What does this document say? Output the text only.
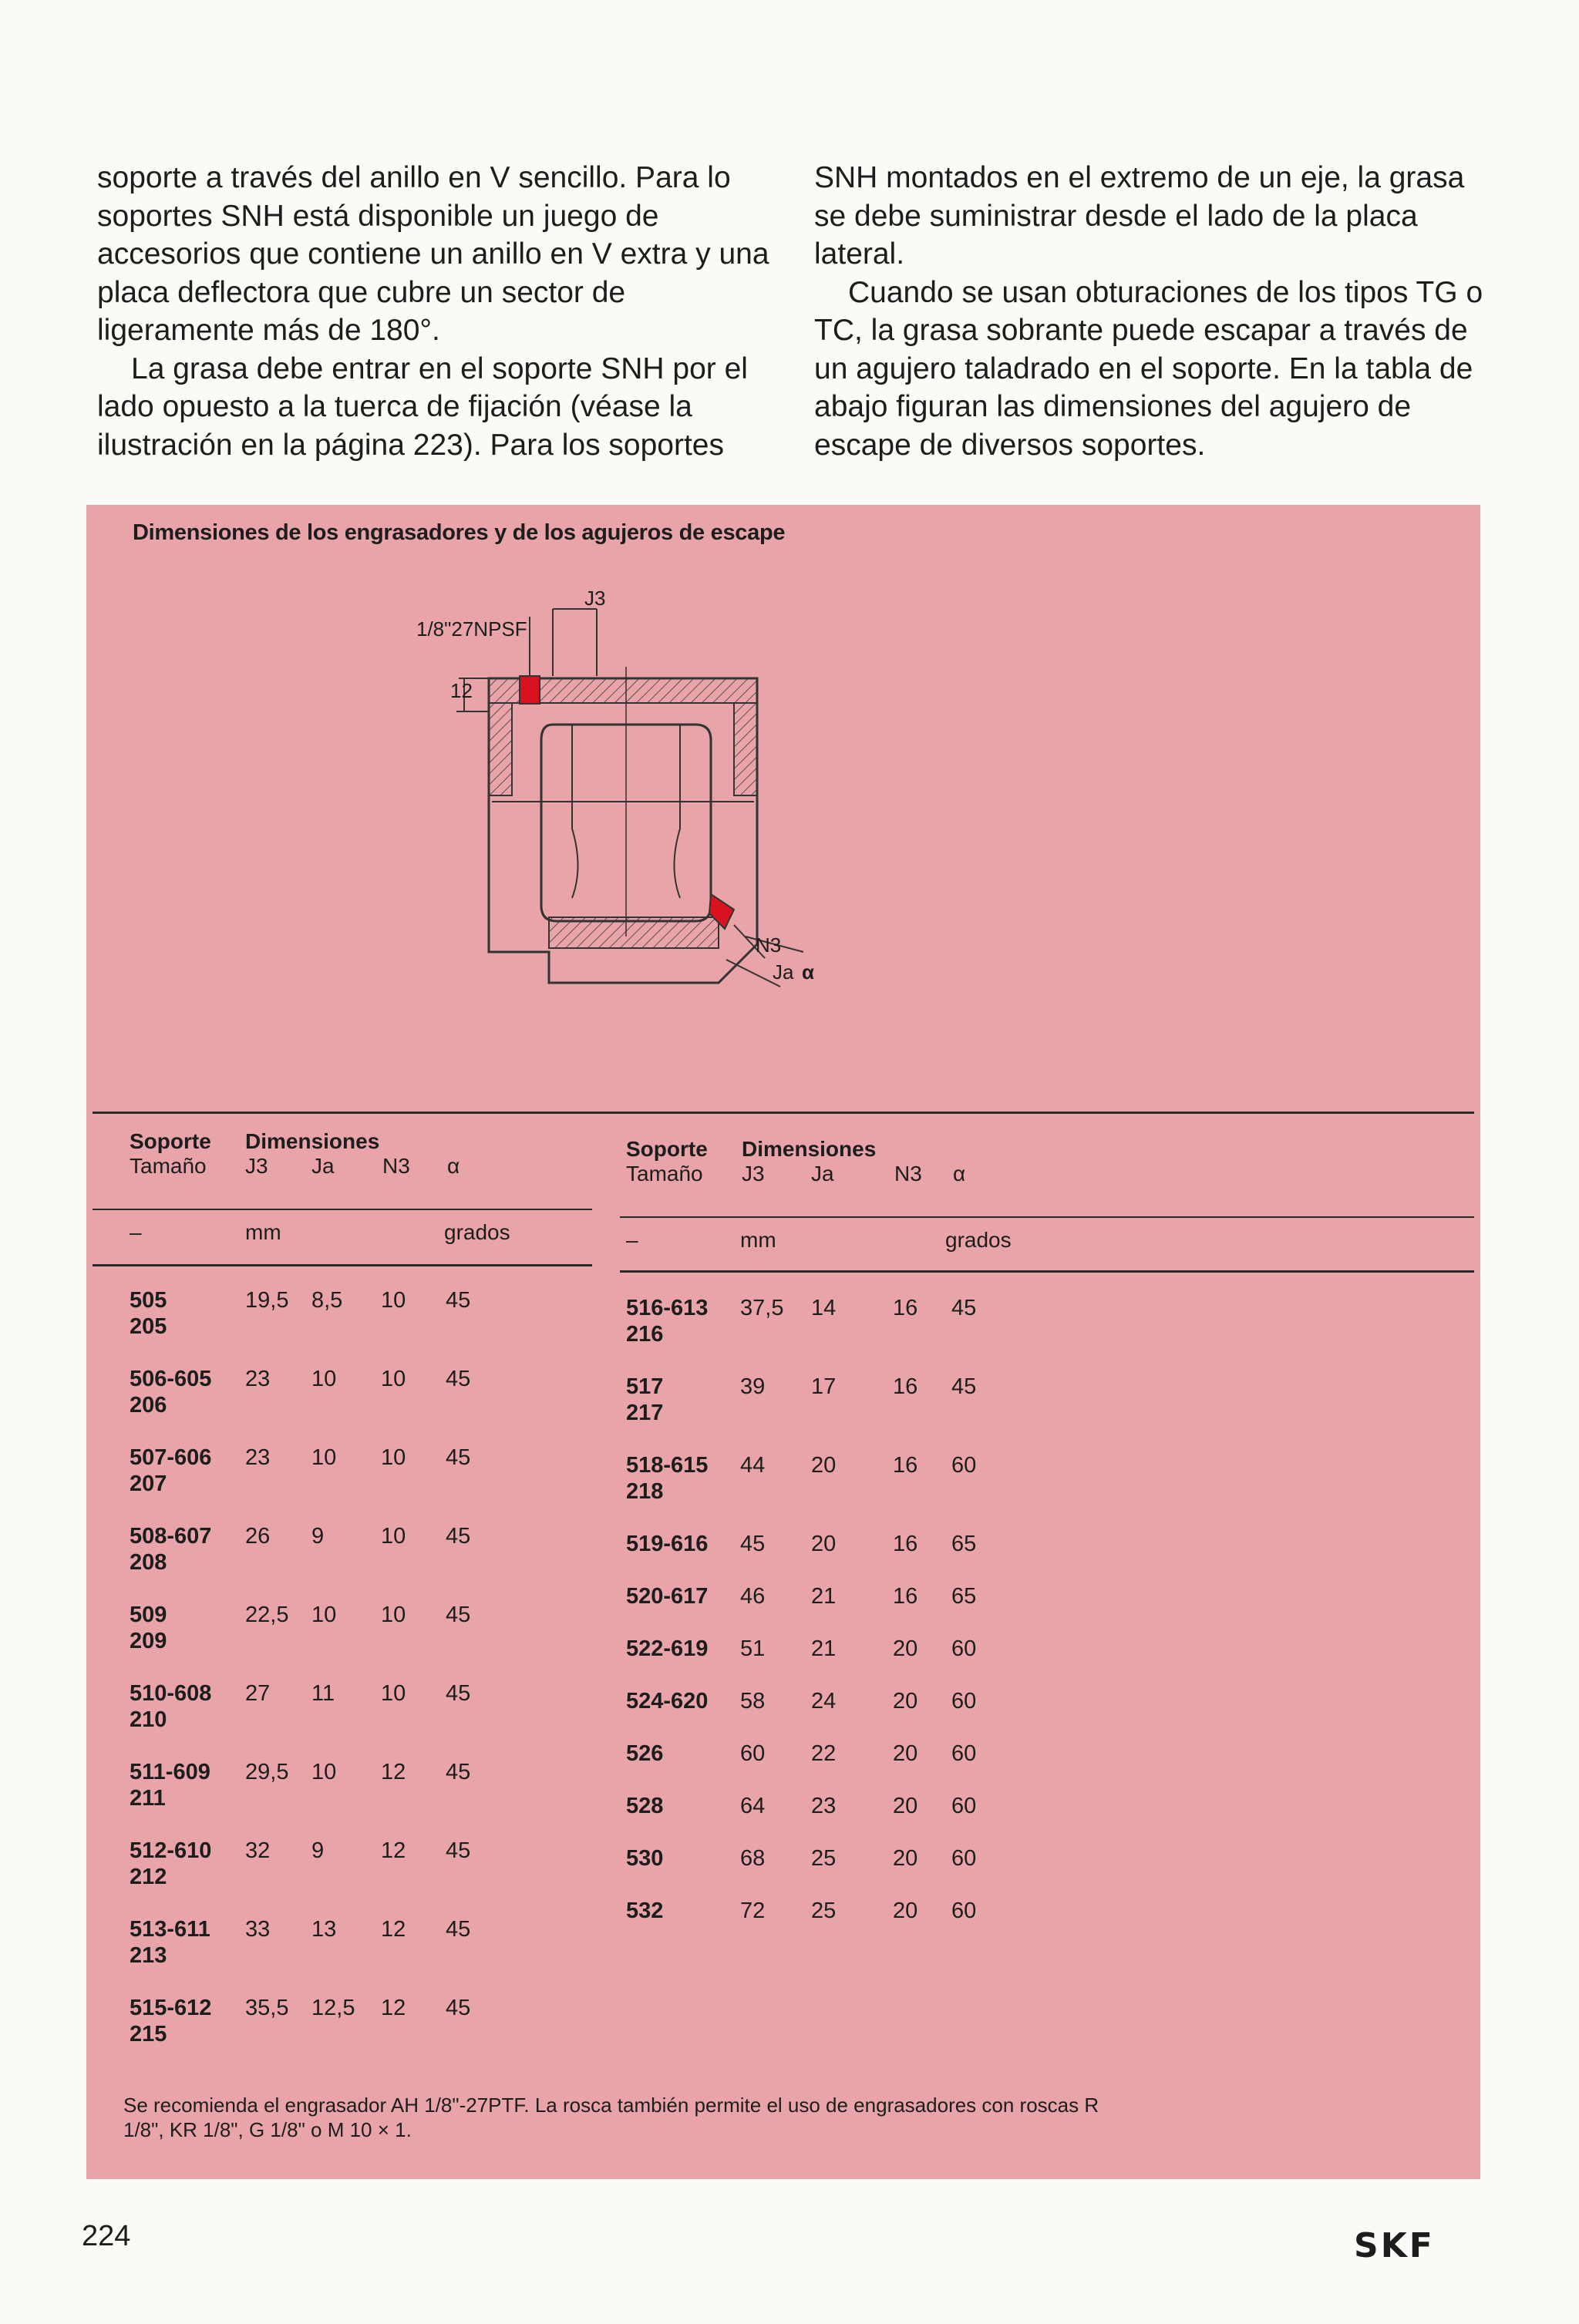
soporte a través del anillo en V sencillo. Para lo soportes SNH está disponible un juego de accesorios que contiene un anillo en V extra y una placa deflectora que cubre un sector de ligeramente más de 180°.

La grasa debe entrar en el soporte SNH por el lado opuesto a la tuerca de fijación (véase la ilustración en la página 223). Para los soportes

SNH montados en el extremo de un eje, la grasa se debe suministrar desde el lado de la placa lateral.

Cuando se usan obturaciones de los tipos TG o TC, la grasa sobrante puede escapar a través de un agujero taladrado en el soporte. En la tabla de abajo figuran las dimensiones del agujero de escape de diversos soportes.

Dimensiones de los engrasadores y de los agujeros de escape
1/8"27NPSF
J3
12
N3
Ja α
Soporte Dimensiones
Tamaño J3 Ja N3 α
–	mm	grados
Soporte Dimensiones
Tamaño J3 Ja	N3 α
–	mm	grados
505	19,5 8,5 10 45
205
506-605	23 10 10 45
206
507-606	23 10 10 45
207
508-607	26 9	10 45
208
509	22,5 10 10 45
209
510-608	27 11 10 45
210
511-609	29,5 10 12 45
211
512-610	32 9	12 45
212
513-611	33 13 12 45
213
515-612	35,5 12,5 12 45
215
516-613	37,5 14	16 45
216
517	39 17	16 45
217
518-615	44 20	16 60
218
519-616	45 20	16 65
520-617	46 21	16 65
522-619	51 21	20 60
524-620	58 24	20 60
526	60 22	20 60
528	64 23	20 60
530	68 25	20 60
532	72 25	20 60
Se recomienda el engrasador AH 1/8"-27PTF. La rosca también permite el uso de engrasadores con roscas R 1/8", KR 1/8", G 1/8" o M 10 × 1.
224	SKF
